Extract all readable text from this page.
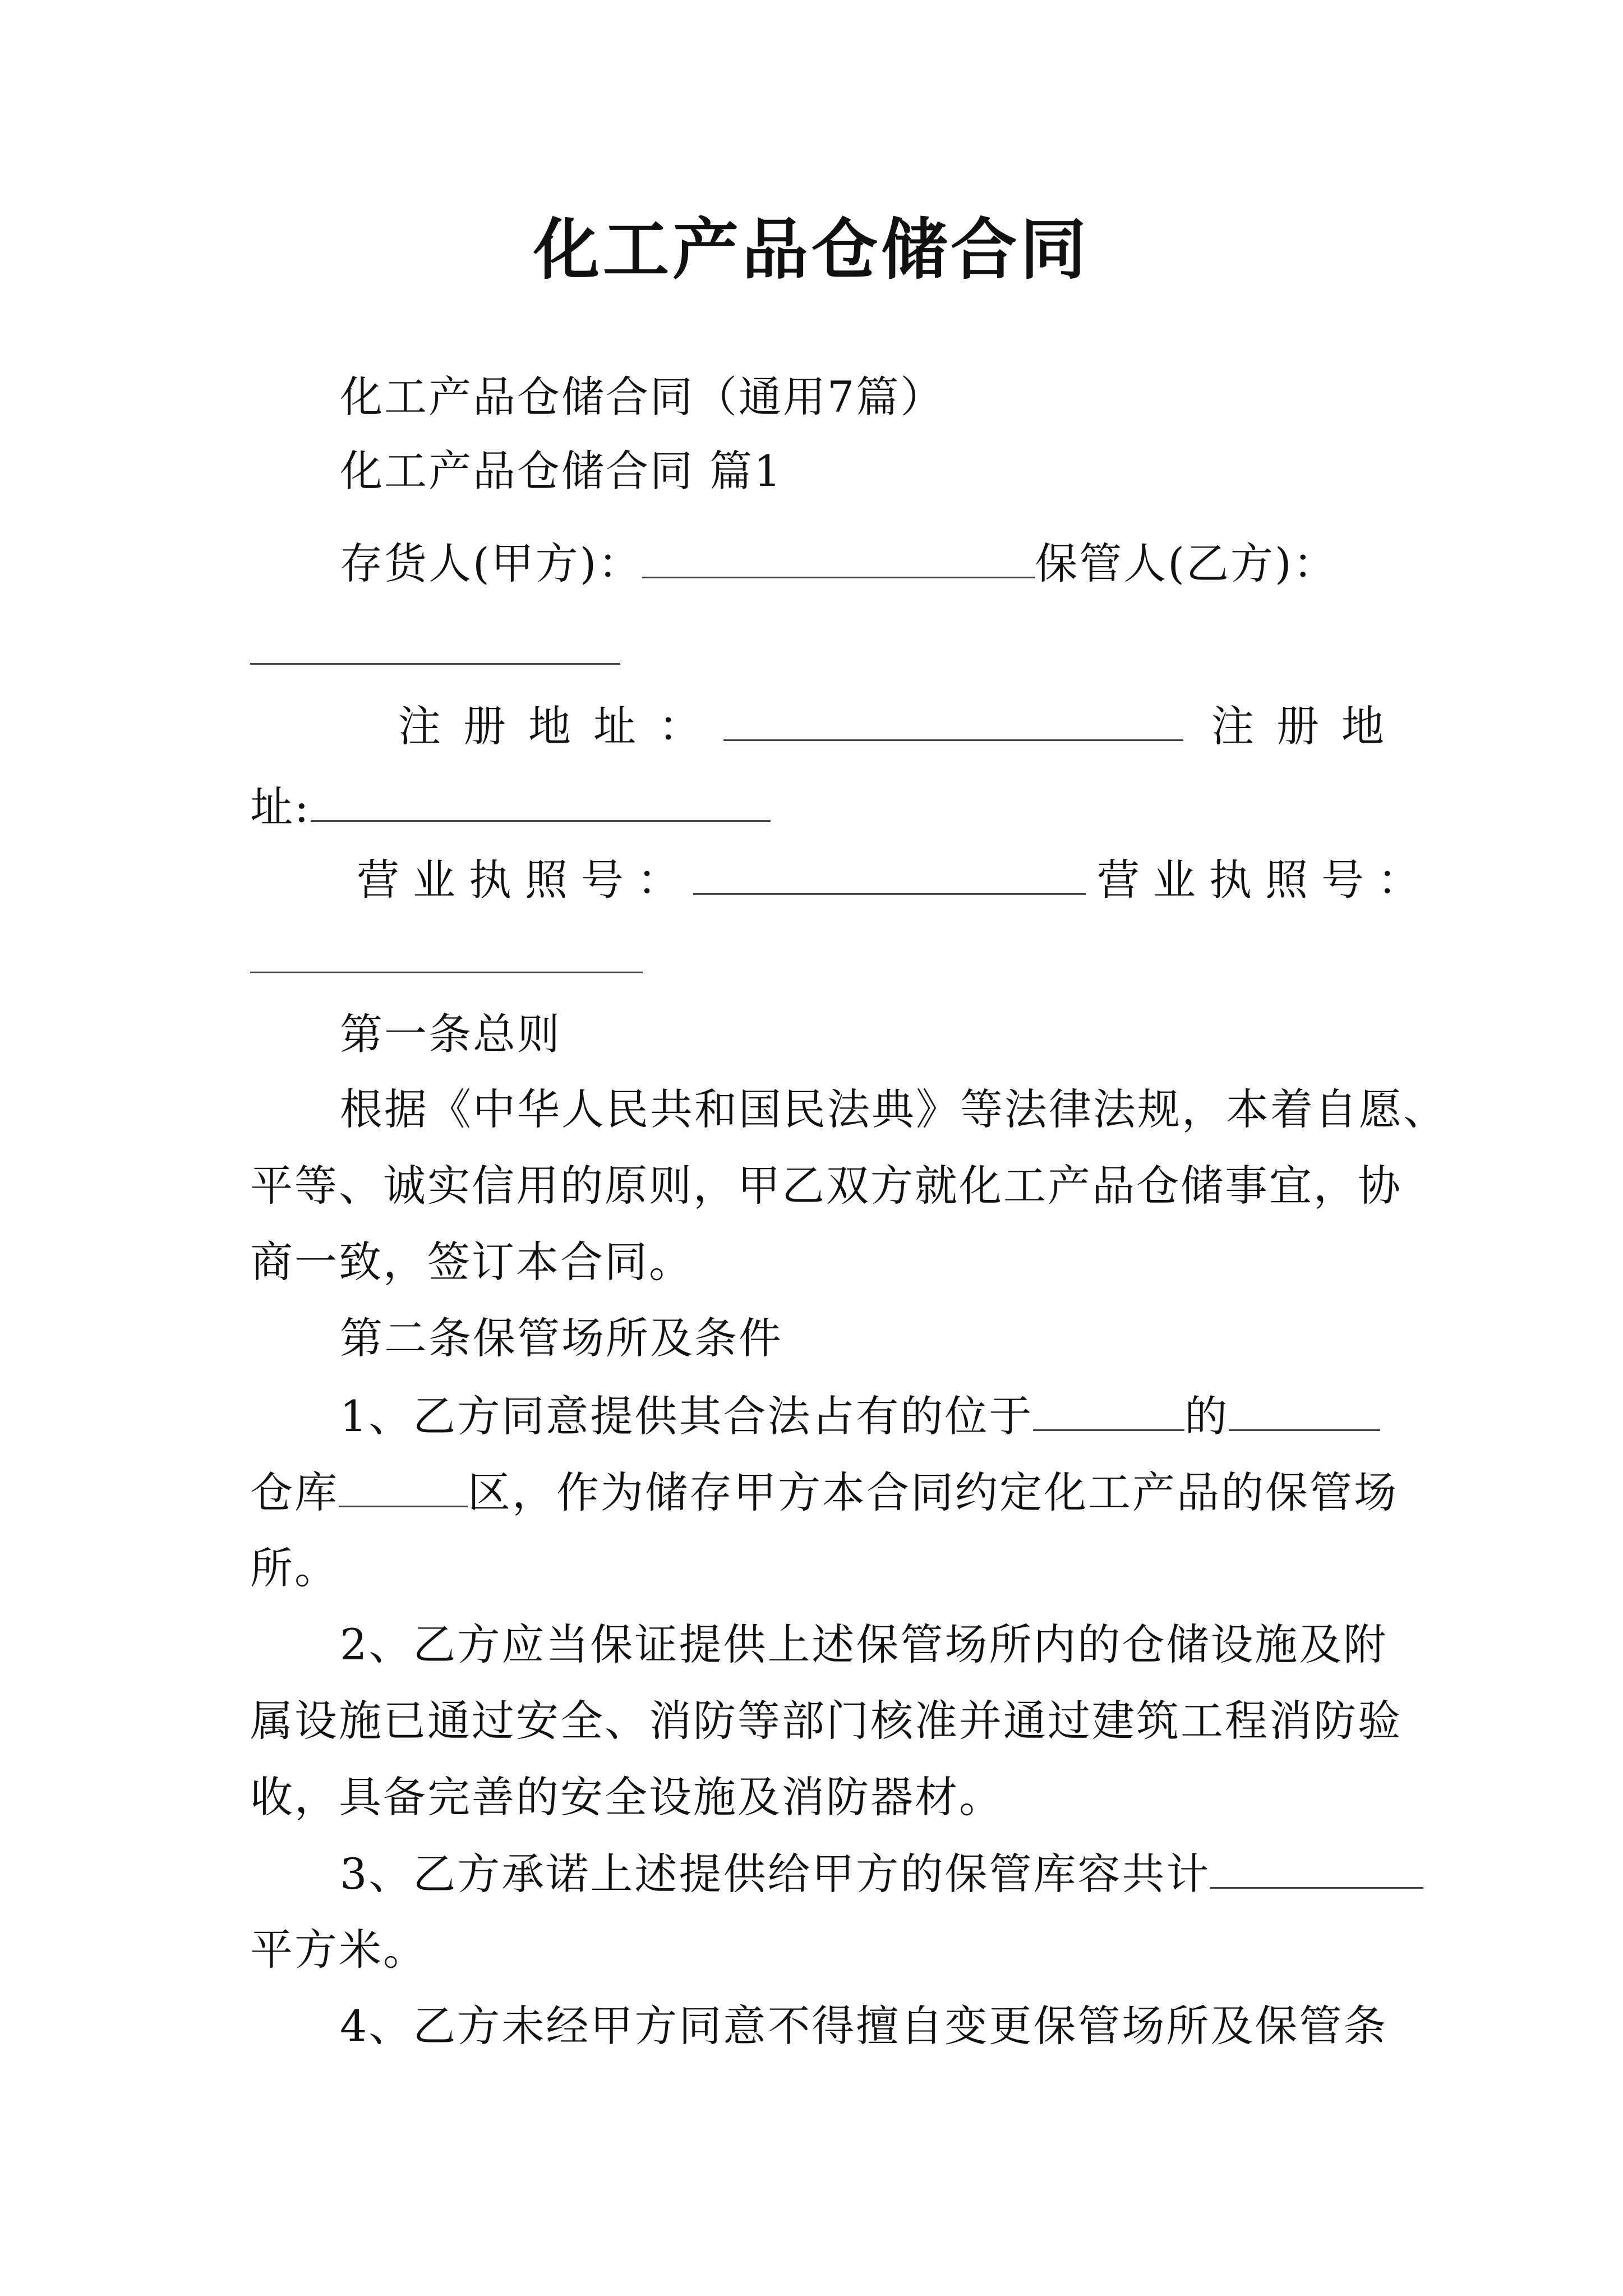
化工产品仓储合同
化工产品仓储合同（通用7篇）
化工产品仓储合同 篇1
存货人(甲方)：	保管人(乙方)：
注册地址：	注册地
址:
营业执照号：	营业执照号：
第一条总则
根据《中华人民共和国民法典》等法律法规，本着自愿、
平等、诚实信用的原则，甲乙双方就化工产品仓储事宜，协
商一致，签订本合同。
第二条保管场所及条件
1、乙方同意提供其合法占有的位于	的
仓库	区，作为储存甲方本合同约定化工产品的保管场
所。
2、乙方应当保证提供上述保管场所内的仓储设施及附
属设施已通过安全、消防等部门核准并通过建筑工程消防验
收，具备完善的安全设施及消防器材。
3、乙方承诺上述提供给甲方的保管库容共计
平方米。
4、乙方未经甲方同意不得擅自变更保管场所及保管条
